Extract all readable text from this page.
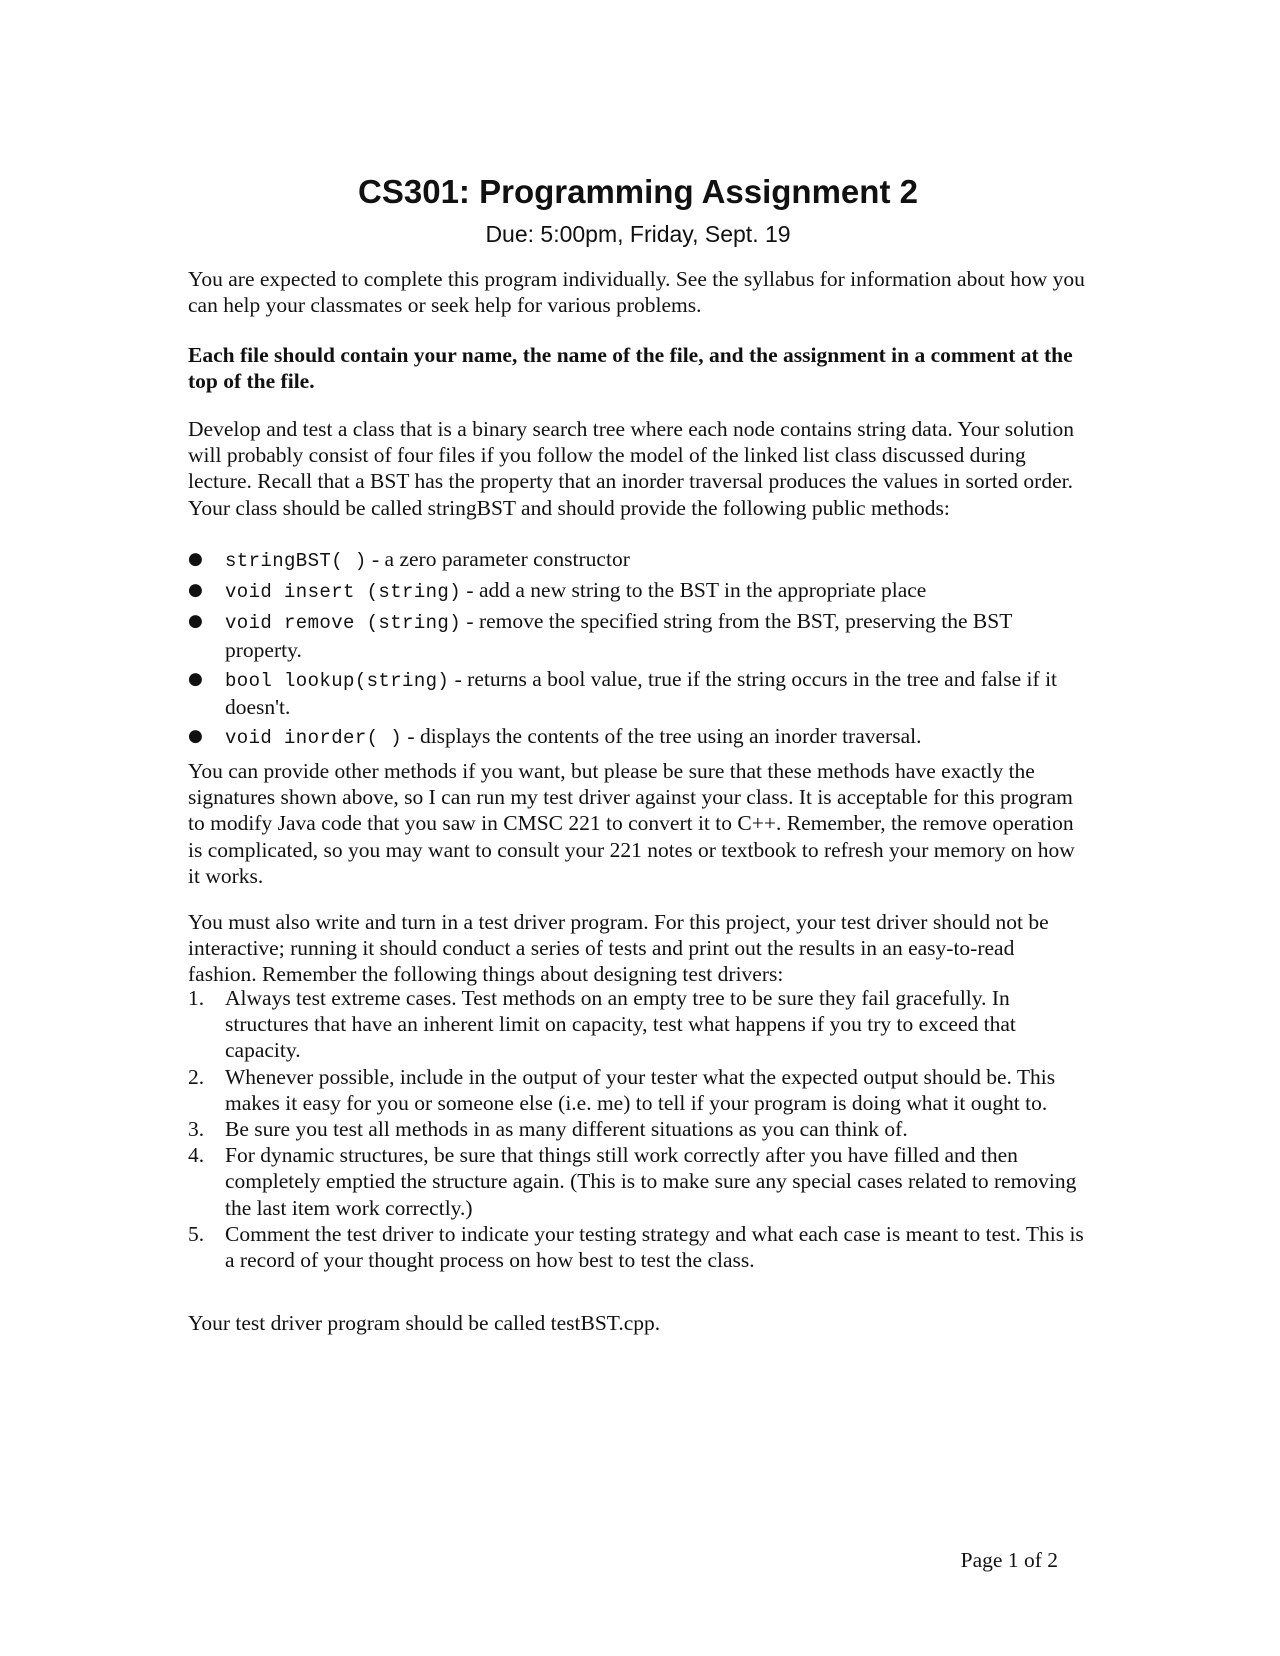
CS301: Programming Assignment 2

Due: 5:00pm, Friday, Sept. 19

You are expected to complete this program individually. See the syllabus for information about how you can help your classmates or seek help for various problems.

Each file should contain your name, the name of the file, and the assignment in a comment at the top of the file.

Develop and test a class that is a binary search tree where each node contains string data. Your solution will probably consist of four files if you follow the model of the linked list class discussed during lecture. Recall that a BST has the property that an inorder traversal produces the values in sorted order. Your class should be called stringBST and should provide the following public methods:

● stringBST( ) - a zero parameter constructor
● void insert (string) - add a new string to the BST in the appropriate place
● void remove (string) - remove the specified string from the BST, preserving the BST property.
● bool lookup(string) - returns a bool value, true if the string occurs in the tree and false if it doesn't.
● void inorder( ) - displays the contents of the tree using an inorder traversal.

You can provide other methods if you want, but please be sure that these methods have exactly the signatures shown above, so I can run my test driver against your class. It is acceptable for this program to modify Java code that you saw in CMSC 221 to convert it to C++. Remember, the remove operation is complicated, so you may want to consult your 221 notes or textbook to refresh your memory on how it works.

You must also write and turn in a test driver program. For this project, your test driver should not be interactive; running it should conduct a series of tests and print out the results in an easy-to-read fashion. Remember the following things about designing test drivers:

1. Always test extreme cases. Test methods on an empty tree to be sure they fail gracefully. In structures that have an inherent limit on capacity, test what happens if you try to exceed that capacity.
2. Whenever possible, include in the output of your tester what the expected output should be. This makes it easy for you or someone else (i.e. me) to tell if your program is doing what it ought to.
3. Be sure you test all methods in as many different situations as you can think of.
4. For dynamic structures, be sure that things still work correctly after you have filled and then completely emptied the structure again. (This is to make sure any special cases related to removing the last item work correctly.)
5. Comment the test driver to indicate your testing strategy and what each case is meant to test. This is a record of your thought process on how best to test the class.

Your test driver program should be called testBST.cpp.

Page 1 of 2
